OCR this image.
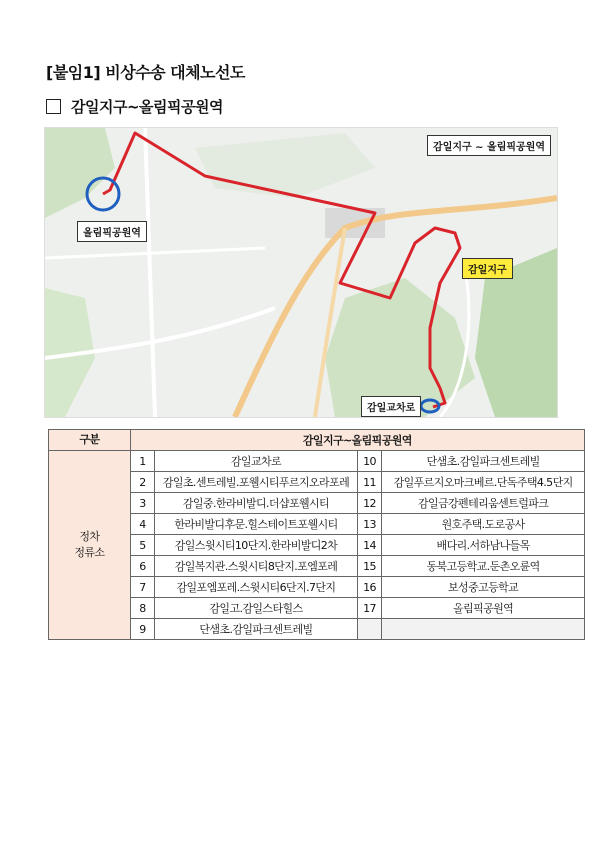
[붙임1] 비상수송 대체노선도
감일지구~올림픽공원역
감일지구 ~ 올림픽공원역
올림픽공원역
감일지구
감일교차로
구분	감일지구~올림픽공원역			

정차
정류소	1	감일교차로	10	단샘초.감일파크센트레빌
	2	감일초.센트레빌.포웰시티푸르지오라포레	11	감일푸르지오마크베르.단독주택4.5단지
	3	감일중.한라비발디.더샵포웰시티	12	감일금강펜테리움센트럴파크
	4	한라비발디후문.힐스테이트포웰시티	13	원호주택.도로공사
	5	감일스윗시티10단지.한라비발디2차	14	배다리.서하남나들목
	6	감일복지관.스윗시티8단지.포엠포레	15	동북고등학교.둔촌오륜역
	7	감일포엠포레.스윗시티6단지.7단지	16	보성중고등학교
	8	감일고.감일스타힐스	17	올림픽공원역
	9	단샘초.감일파크센트레빌		
